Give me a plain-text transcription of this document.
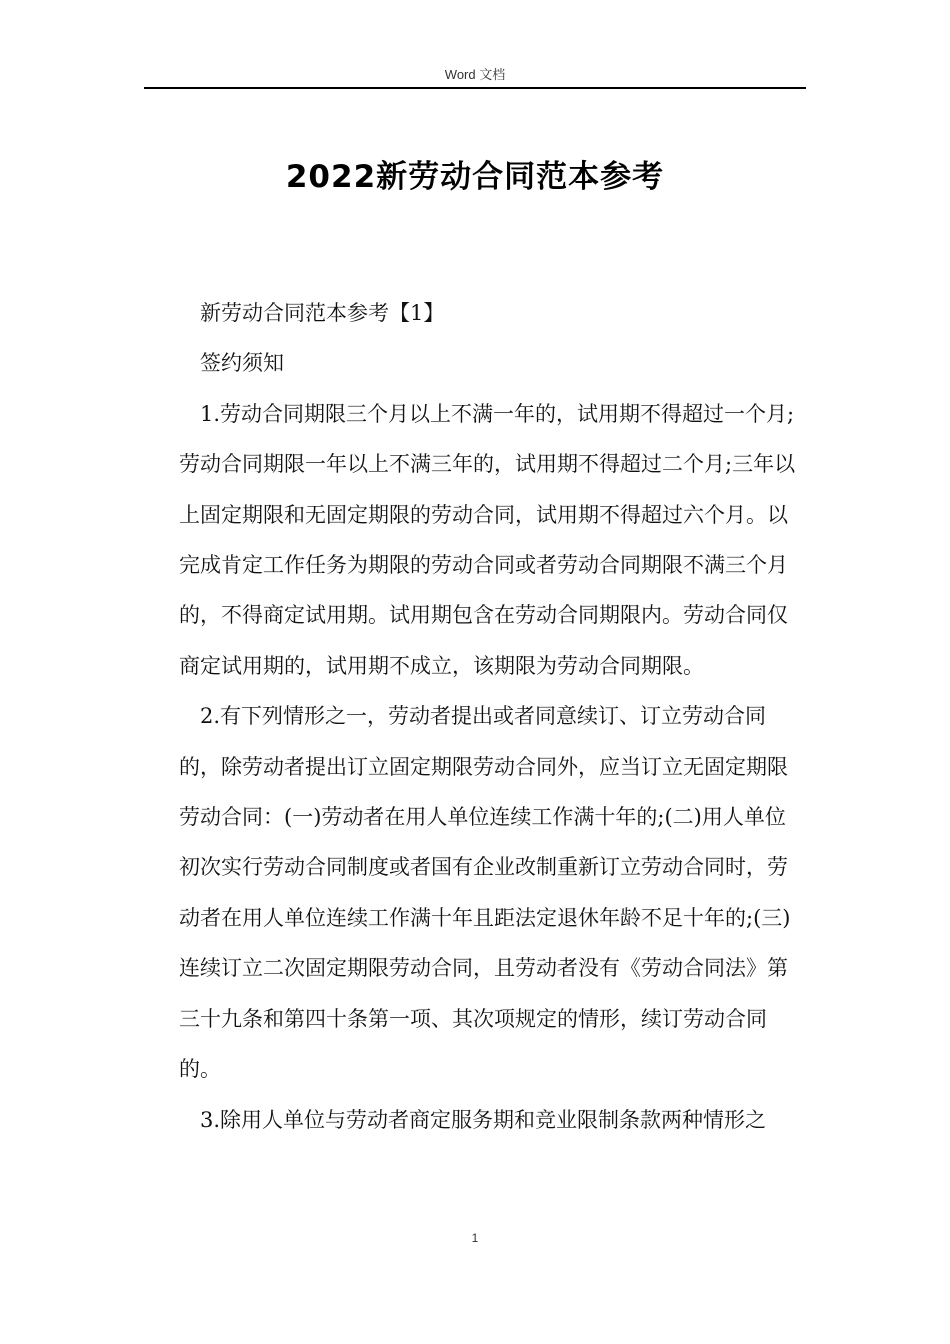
Word 文档
2022新劳动合同范本参考

新劳动合同范本参考【1】

签约须知

1.劳动合同期限三个月以上不满一年的，试用期不得超过一个月;劳动合同期限一年以上不满三年的，试用期不得超过二个月;三年以上固定期限和无固定期限的劳动合同，试用期不得超过六个月。以完成肯定工作任务为期限的劳动合同或者劳动合同期限不满三个月的，不得商定试用期。试用期包含在劳动合同期限内。劳动合同仅商定试用期的，试用期不成立，该期限为劳动合同期限。

2.有下列情形之一，劳动者提出或者同意续订、订立劳动合同的，除劳动者提出订立固定期限劳动合同外，应当订立无固定期限劳动合同：(一)劳动者在用人单位连续工作满十年的;(二)用人单位初次实行劳动合同制度或者国有企业改制重新订立劳动合同时，劳动者在用人单位连续工作满十年且距法定退休年龄不足十年的;(三)连续订立二次固定期限劳动合同，且劳动者没有《劳动合同法》第三十九条和第四十条第一项、其次项规定的情形，续订劳动合同的。

3.除用人单位与劳动者商定服务期和竞业限制条款两种情形之

1
